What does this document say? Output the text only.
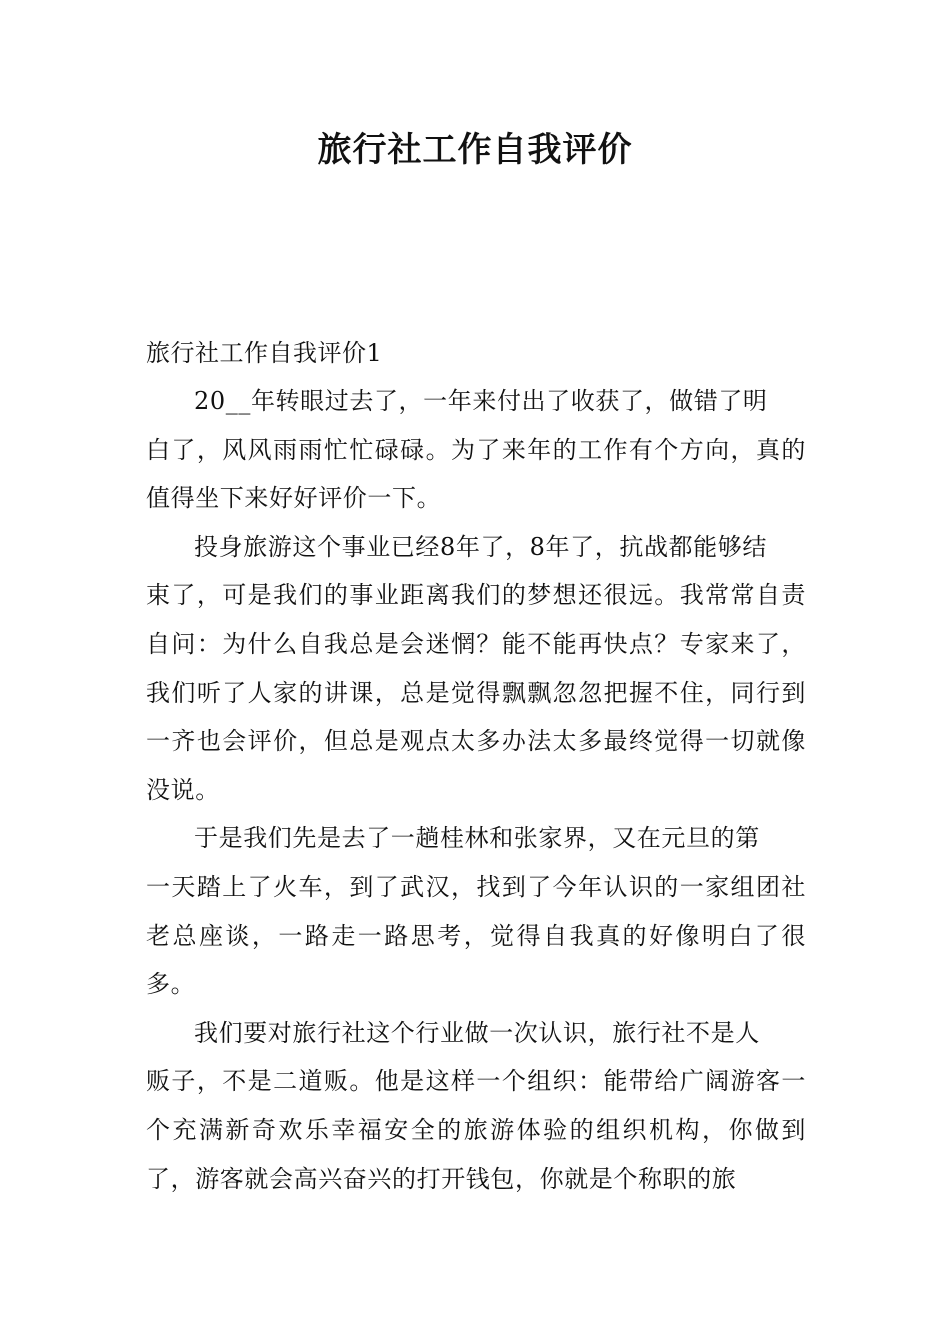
旅行社工作自我评价
旅行社工作自我评价1

20__年转眼过去了，一年来付出了收获了，做错了明
白了，风风雨雨忙忙碌碌。为了来年的工作有个方向，真的值得坐下来好好评价一下。

投身旅游这个事业已经8年了，8年了，抗战都能够结
束了，可是我们的事业距离我们的梦想还很远。我常常自责自问：为什么自我总是会迷惘？能不能再快点？专家来了，我们听了人家的讲课，总是觉得飘飘忽忽把握不住，同行到一齐也会评价，但总是观点太多办法太多最终觉得一切就像没说。

于是我们先是去了一趟桂林和张家界，又在元旦的第
一天踏上了火车，到了武汉，找到了今年认识的一家组团社老总座谈，一路走一路思考，觉得自我真的好像明白了很多。

我们要对旅行社这个行业做一次认识，旅行社不是人
贩子，不是二道贩。他是这样一个组织：能带给广阔游客一个充满新奇欢乐幸福安全的旅游体验的组织机构，你做到了，游客就会高兴奋兴的打开钱包，你就是个称职的旅
